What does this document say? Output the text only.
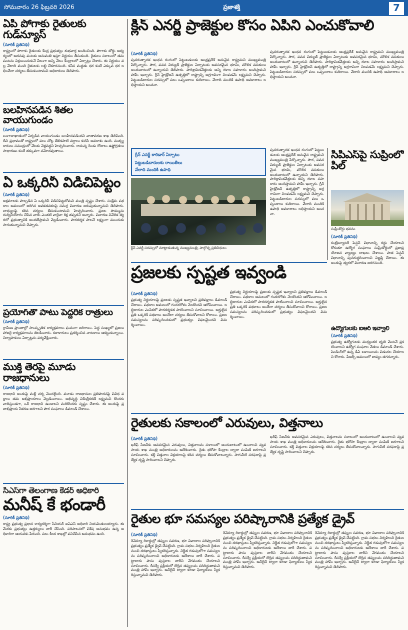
సోమవారం 26 ఫిబ్రవరి 2026	ప్రజాశక్తి	7
ఏపీ పోగాకు రైతులకు గుడ్‌న్యూస్
(సూరికీ ప్రతినిధి)
రాష్ట్రంలో పొగాకు రైతులకు కేంద్ర ప్రభుత్వం శుభవార్త అందించింది. పొగాకు బోర్డు ఆధ్వర్యంలో అదనపు పంటకు అనుమతి ఇస్తూ నిర్ణయం తీసుకుంది. రైతులు సకాలంలో తమ పంటను విక్రయించుకునే వీలుగా అన్ని వేలం కేంద్రాలలో ఏర్పాట్లు చేశారు. ఈ నిర్ణయం వల్ల వేలాది మంది రైతులకు లబ్ధి చేకూరనుంది. కనీస మద్దతు ధర కంటే ఎక్కువ ధర లభించేలా చర్యలు తీసుకుంటామని అధికారులు తెలిపారు.
బలహీనపడిన శీతల వాయుగుండం
(సూరికీ ప్రతినిధి)
బంగాళాఖాతంలో ఏర్పడిన వాయుగుండం బలహీనపడిందని వాతావరణ శాఖ తెలిపింది. దీని ప్రభావంతో రాష్ట్రంలో పలు చోట్ల తేలికపాటి వర్షాలు కురిసే అవకాశం ఉంది. మత్స్యకారులు సముద్రంలో వేటకు వెళ్లవద్దని హెచ్చరించారు. రానున్న రెండు రోజులు ఉష్ణోగ్రతలు సాధారణం కంటే తక్కువగా నమోదవుతాయి.
ఏ ఒక్కరినీ విడిచిపెట్టం
(సూరికీ ప్రతినిధి)
అక్రమాలకు పాల్పడిన ఏ ఒక్కరినీ విడిచిపెట్టబోమని మంత్రి స్పష్టం చేశారు. సంక్షేమ పథకాల అమలులో జరిగిన అవకతవకలపై సమగ్ర విచారణ జరుపుతున్నామని తెలిపారు. బాధ్యులపై కఠిన చర్యలు తీసుకుంటామని హెచ్చరించారు. ప్రజల సొమ్మును దుర్వినియోగం చేసిన వారు ఎంతటి వారైనా శిక్ష తప్పదని అన్నారు. విచారణ నివేదిక త్వరలో ప్రభుత్వానికి అందజేస్తామని వెల్లడించారు. పారదర్శక పాలనే లక్ష్యంగా ముందుకు సాగుతున్నామని చెప్పారు.
ప్రయోగ్‌తో పాటు పెద్దరిక రాత్రులు
(సూరికీ ప్రతినిధి)
గ్రామీణ ప్రాంతాల్లో సాంస్కృతిక కార్యక్రమాలు ఘనంగా జరిగాయి. పెద్ద సంఖ్యలో ప్రజలు హాజరై కార్యక్రమాలను తిలకించారు. కళాకారులు ప్రదర్శించిన నాటకాలు ఆకట్టుకున్నాయి. నిర్వాహకులు ఏర్పాట్లను పర్యవేక్షించారు.
ముక్తి తెరపై మూడు రాజధానులు
(సూరికీ ప్రతినిధి)
రాజధాని అంశంపై మళ్లీ చర్చ మొదలైంది. మూడు రాజధానుల ప్రతిపాదనపై వివిధ పక్షాలు తమ అభిప్రాయాలు వెల్లడించాయి. అభివృద్ధి వికేంద్రీకరణే లక్ష్యమని కొందరు వాదిస్తుండగా, ఒకే రాజధాని ఉండాలని మరికొందరు స్పష్టం చేశారు. ఈ అంశంపై ప్రజాభిప్రాయ సేకరణ జరగాలని పౌర సంఘాలు డిమాండ్ చేశాయి.
సీఎస్‌గా తెలంగాణ కేడర్ అధికారి
మనీష్ కే భండారీ
(సూరికీ ప్రతినిధి)
రాష్ట్ర ప్రభుత్వ ప్రధాన కార్యదర్శిగా సీనియర్ ఐఏఎస్ అధికారి నియమితులయ్యారు. ఈ మేరకు ప్రభుత్వం ఉత్తర్వులు జారీ చేసింది. పరిపాలనలో విశేష అనుభవం ఉన్న అధికారిగా ఆయనకు పేరుంది. పలు కీలక శాఖల్లో పనిచేసిన అనుభవం ఉంది.
క్లీన్ ఎనర్జీ ప్రాజెక్టుల కోసం ఏపీని ఎంచుకోవాలి
(సూరికీ ప్రతినిధి)
పునరుత్పాదక ఇంధన రంగంలో పెట్టుబడులకు ఆంధ్రప్రదేశ్ అనువైన రాష్ట్రమని ముఖ్యమంత్రి పేర్కొన్నారు. సౌర, పవన విద్యుత్ ప్రాజెక్టుల ఏర్పాటుకు అవసరమైన భూమి, మౌలిక వసతులు అందుబాటులో ఉన్నాయని తెలిపారు. పారిశ్రామికవేత్తలకు అన్ని రకాల సహకారం అందిస్తామని హామీ ఇచ్చారు. గ్రీన్ హైడ్రోజన్ ఉత్పత్తిలో రాష్ట్రాన్ని అగ్రగామిగా నిలపడమే లక్ష్యమని చెప్పారు. పెట్టుబడిదారుల సదస్సులో పలు ఒప్పందాలు కుదిరాయి. వేలాది మందికి ఉపాధి అవకాశాలు లభిస్తాయని అంచనా.
పునరుత్పాదక ఇంధన రంగంలో పెట్టుబడులకు ఆంధ్రప్రదేశ్ అనువైన రాష్ట్రమని ముఖ్యమంత్రి పేర్కొన్నారు. సౌర, పవన విద్యుత్ ప్రాజెక్టుల ఏర్పాటుకు అవసరమైన భూమి, మౌలిక వసతులు అందుబాటులో ఉన్నాయని తెలిపారు. పారిశ్రామికవేత్తలకు అన్ని రకాల సహకారం అందిస్తామని హామీ ఇచ్చారు. గ్రీన్ హైడ్రోజన్ ఉత్పత్తిలో రాష్ట్రాన్ని అగ్రగామిగా నిలపడమే లక్ష్యమని చెప్పారు. పెట్టుబడిదారుల సదస్సులో పలు ఒప్పందాలు కుదిరాయి. వేలాది మందికి ఉపాధి అవకాశాలు లభిస్తాయని అంచనా.
గ్రీన్ ఎనర్జీ కారిడార్ ఏర్పాటు
పెట్టుబడిదారులకు రాయితీలు
వేలాది మందికి ఉపాధి
క్లీన్ ఎనర్జీ సదస్సులో మాట్లాడుతున్న ముఖ్యమంత్రి, పాల్గొన్న ప్రతినిధులు
పునరుత్పాదక ఇంధన రంగంలో పెట్టుబడులకు ఆంధ్రప్రదేశ్ అనువైన రాష్ట్రమని ముఖ్యమంత్రి పేర్కొన్నారు. సౌర, పవన విద్యుత్ ప్రాజెక్టుల ఏర్పాటుకు అవసరమైన భూమి, మౌలిక వసతులు అందుబాటులో ఉన్నాయని తెలిపారు. పారిశ్రామికవేత్తలకు అన్ని రకాల సహకారం అందిస్తామని హామీ ఇచ్చారు. గ్రీన్ హైడ్రోజన్ ఉత్పత్తిలో రాష్ట్రాన్ని అగ్రగామిగా నిలపడమే లక్ష్యమని చెప్పారు. పెట్టుబడిదారుల సదస్సులో పలు ఒప్పందాలు కుదిరాయి. వేలాది మందికి ఉపాధి అవకాశాలు లభిస్తాయని అంచనా.
సిపిఎస్‌పై సుప్రీంలో పిల్
సుప్రీంకోర్టు భవనం
(సూరికీ ప్రతినిధి)
కంట్రిబ్యూటరీ పెన్షన్ విధానాన్ని రద్దు చేయాలని కోరుతూ ఉద్యోగ సంఘాలు సుప్రీంకోర్టులో ప్రజాప్రయోజన వ్యాజ్యం దాఖలు చేశాయి. పాత పెన్షన్ విధానాన్ని పునరుద్ధరించాలని విజ్ఞప్తి చేశాయి. ఈ అంశంపై త్వరలో విచారణ జరగనుంది.
ఉద్యోగులకు ఐఆర్ ఇవ్వాలి
(సూరికీ ప్రతినిధి)
ప్రభుత్వ ఉద్యోగులకు మధ్యంతర భృతి వెంటనే ప్రకటించాలని ఉద్యోగ సంఘాల నేతలు డిమాండ్ చేశారు. పెండింగ్‌లో ఉన్న డీఏ బకాయిలను విడుదల చేయాలని కోరారు. పీఆర్సీ అమలులో జాప్యం తగదన్నారు.
ప్రజలకు స్పష్టత ఇవ్వండి
(సూరికీ ప్రతినిధి)
ప్రభుత్వ నిర్ణయాలపై ప్రజలకు స్పష్టత ఇవ్వాలని ప్రతిపక్షాలు డిమాండ్ చేశాయి. పథకాల అమలులో గందరగోళం నెలకొందని ఆరోపించాయి. లబ్ధిదారుల ఎంపికలో పారదర్శకత పాటించాలని సూచించాయి. అర్హులైన ప్రతి ఒక్కరికీ పథకాలు అందేలా చర్యలు తీసుకోవాలని కోరాయి. ప్రజల సమస్యలను పరిష్కరించడంలో ప్రభుత్వం విఫలమైందని విమర్శించాయి.
ప్రభుత్వ నిర్ణయాలపై ప్రజలకు స్పష్టత ఇవ్వాలని ప్రతిపక్షాలు డిమాండ్ చేశాయి. పథకాల అమలులో గందరగోళం నెలకొందని ఆరోపించాయి. లబ్ధిదారుల ఎంపికలో పారదర్శకత పాటించాలని సూచించాయి. అర్హులైన ప్రతి ఒక్కరికీ పథకాలు అందేలా చర్యలు తీసుకోవాలని కోరాయి. ప్రజల సమస్యలను పరిష్కరించడంలో ప్రభుత్వం విఫలమైందని విమర్శించాయి.
రైతులకు సకాలంలో ఎరువులు, విత్తనాలు
(సూరికీ ప్రతినిధి)
ఖరీఫ్ సీజన్‌కు అవసరమైన ఎరువులు, విత్తనాలను సకాలంలో అందుబాటులో ఉంచాలని వ్యవసాయ శాఖ మంత్రి అధికారులను ఆదేశించారు. రైతు భరోసా కేంద్రాల ద్వారా పంపిణీ జరగాలని సూచించారు. కల్తీ విత్తనాల విక్రయాలపై కఠిన చర్యలు తీసుకోవాలన్నారు. సాగునీటి సరఫరాపై ప్రత్యేక దృష్టి సారించాలని చెప్పారు.
ఖరీఫ్ సీజన్‌కు అవసరమైన ఎరువులు, విత్తనాలను సకాలంలో అందుబాటులో ఉంచాలని వ్యవసాయ శాఖ మంత్రి అధికారులను ఆదేశించారు. రైతు భరోసా కేంద్రాల ద్వారా పంపిణీ జరగాలని సూచించారు. కల్తీ విత్తనాల విక్రయాలపై కఠిన చర్యలు తీసుకోవాలన్నారు. సాగునీటి సరఫరాపై ప్రత్యేక దృష్టి సారించాలని చెప్పారు.
రైతుల భూ సమస్యల పరిష్కారానికి ప్రత్యేక డ్రైవ్
(సూరికీ ప్రతినిధి)
రెవెన్యూ రికార్డుల్లో తప్పుల సవరణ, భూ వివాదాల పరిష్కారానికి ప్రభుత్వం ప్రత్యేక డ్రైవ్ చేపట్టింది. గ్రామ సభలు నిర్వహించి రైతుల నుంచి దరఖాస్తులు స్వీకరిస్తున్నారు. నిర్ణీత గడువులోగా సమస్యలను పరిష్కరించాలని అధికారులకు ఆదేశాలు జారీ చేశారు. పట్టాదారు పాసు పుస్తకాల జారీని వేగవంతం చేయాలని సూచించారు. రీసర్వే ప్రక్రియలో దొర్లిన తప్పులను సరిదిద్దుతామని మంత్రి హామీ ఇచ్చారు. ఆన్‌లైన్ ద్వారా కూడా ఫిర్యాదులు స్వీకరిస్తున్నామని తెలిపారు.
రెవెన్యూ రికార్డుల్లో తప్పుల సవరణ, భూ వివాదాల పరిష్కారానికి ప్రభుత్వం ప్రత్యేక డ్రైవ్ చేపట్టింది. గ్రామ సభలు నిర్వహించి రైతుల నుంచి దరఖాస్తులు స్వీకరిస్తున్నారు. నిర్ణీత గడువులోగా సమస్యలను పరిష్కరించాలని అధికారులకు ఆదేశాలు జారీ చేశారు. పట్టాదారు పాసు పుస్తకాల జారీని వేగవంతం చేయాలని సూచించారు. రీసర్వే ప్రక్రియలో దొర్లిన తప్పులను సరిదిద్దుతామని మంత్రి హామీ ఇచ్చారు. ఆన్‌లైన్ ద్వారా కూడా ఫిర్యాదులు స్వీకరిస్తున్నామని తెలిపారు.
రెవెన్యూ రికార్డుల్లో తప్పుల సవరణ, భూ వివాదాల పరిష్కారానికి ప్రభుత్వం ప్రత్యేక డ్రైవ్ చేపట్టింది. గ్రామ సభలు నిర్వహించి రైతుల నుంచి దరఖాస్తులు స్వీకరిస్తున్నారు. నిర్ణీత గడువులోగా సమస్యలను పరిష్కరించాలని అధికారులకు ఆదేశాలు జారీ చేశారు. పట్టాదారు పాసు పుస్తకాల జారీని వేగవంతం చేయాలని సూచించారు. రీసర్వే ప్రక్రియలో దొర్లిన తప్పులను సరిదిద్దుతామని మంత్రి హామీ ఇచ్చారు. ఆన్‌లైన్ ద్వారా కూడా ఫిర్యాదులు స్వీకరిస్తున్నామని తెలిపారు.
